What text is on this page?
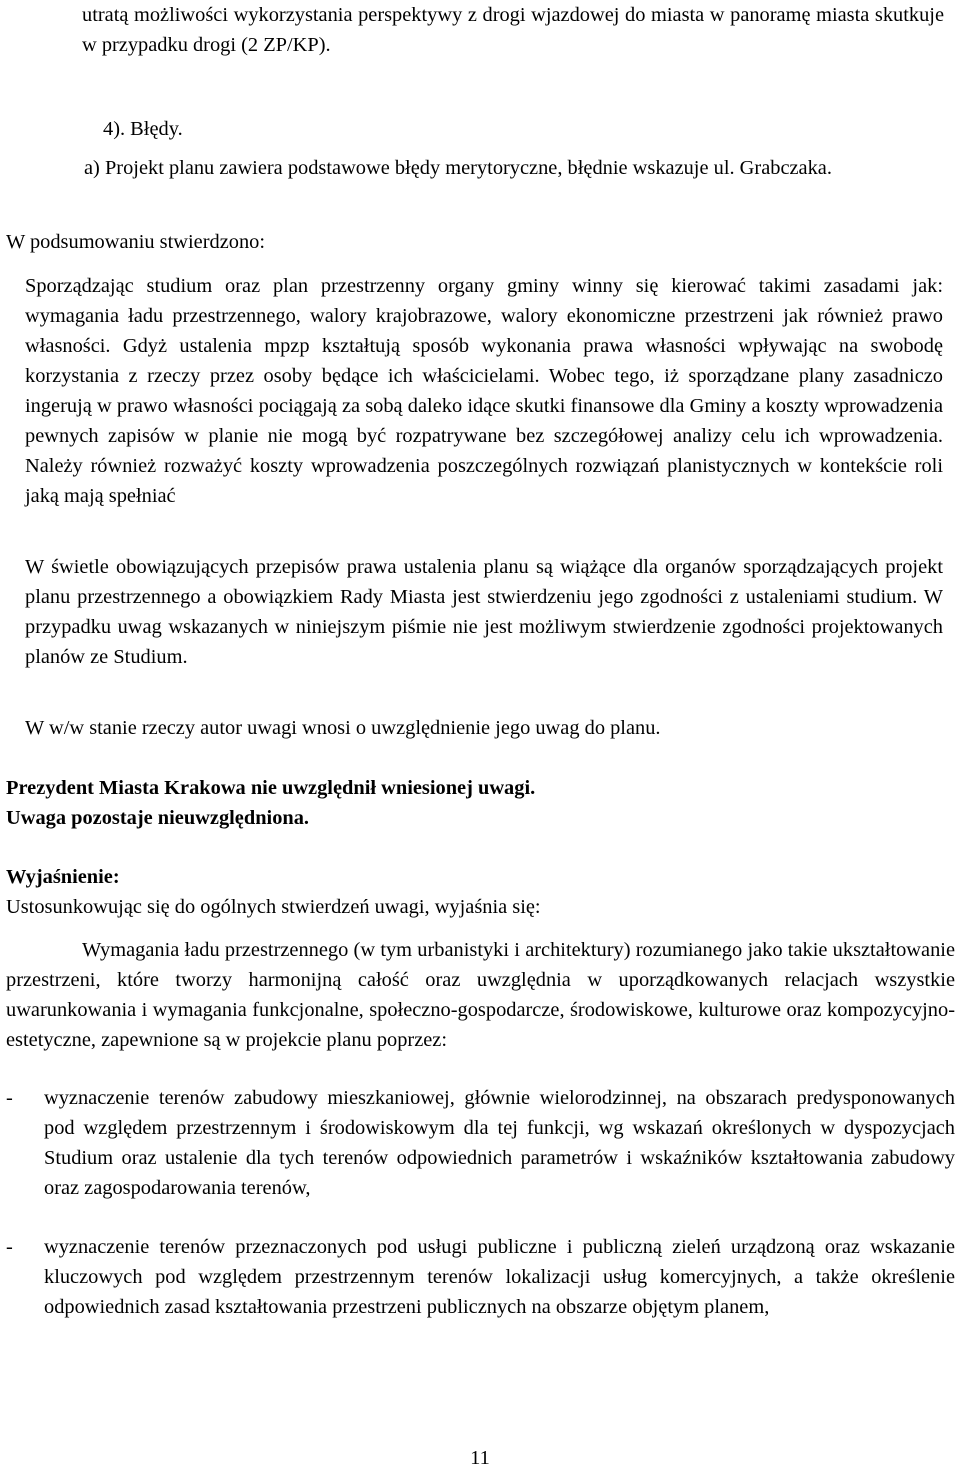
utratą możliwości wykorzystania perspektywy z drogi wjazdowej do miasta w panoramę miasta skutkuje w przypadku drogi (2 ZP/KP).

4). Błędy.

a) Projekt planu zawiera podstawowe błędy merytoryczne, błędnie wskazuje ul. Grabczaka.

W podsumowaniu stwierdzono:

Sporządzając studium oraz plan przestrzenny organy gminy winny się kierować takimi zasadami jak: wymagania ładu przestrzennego, walory krajobrazowe, walory ekonomiczne przestrzeni jak również prawo własności. Gdyż ustalenia mpzp kształtują sposób wykonania prawa własności wpływając na swobodę korzystania z rzeczy przez osoby będące ich właścicielami. Wobec tego, iż sporządzane plany zasadniczo ingerują w prawo własności pociągają za sobą daleko idące skutki finansowe dla Gminy a koszty wprowadzenia pewnych zapisów w planie nie mogą być rozpatrywane bez szczegółowej analizy celu ich wprowadzenia. Należy również rozważyć koszty wprowadzenia poszczególnych rozwiązań planistycznych w kontekście roli jaką mają spełniać

W świetle obowiązujących przepisów prawa ustalenia planu są wiążące dla organów sporządzających projekt planu przestrzennego a obowiązkiem Rady Miasta jest stwierdzeniu jego zgodności z ustaleniami studium. W przypadku uwag wskazanych w niniejszym piśmie nie jest możliwym stwierdzenie zgodności projektowanych planów ze Studium.

W w/w stanie rzeczy autor uwagi wnosi o uwzględnienie jego uwag do planu.

Prezydent Miasta Krakowa nie uwzględnił wniesionej uwagi.

Uwaga pozostaje nieuwzględniona.

Wyjaśnienie:

Ustosunkowując się do ogólnych stwierdzeń uwagi, wyjaśnia się:

Wymagania ładu przestrzennego (w tym urbanistyki i architektury) rozumianego jako takie ukształtowanie przestrzeni, które tworzy harmonijną całość oraz uwzględnia w uporządkowanych relacjach wszystkie uwarunkowania i wymagania funkcjonalne, społeczno-gospodarcze, środowiskowe, kulturowe oraz kompozycyjno-estetyczne, zapewnione są w projekcie planu poprzez:

- wyznaczenie terenów zabudowy mieszkaniowej, głównie wielorodzinnej, na obszarach predysponowanych pod względem przestrzennym i środowiskowym dla tej funkcji, wg wskazań określonych w dyspozycjach Studium oraz ustalenie dla tych terenów odpowiednich parametrów i wskaźników kształtowania zabudowy oraz zagospodarowania terenów,
- wyznaczenie terenów przeznaczonych pod usługi publiczne i publiczną zieleń urządzoną oraz wskazanie kluczowych pod względem przestrzennym terenów lokalizacji usług komercyjnych, a także określenie odpowiednich zasad kształtowania przestrzeni publicznych na obszarze objętym planem,
11
